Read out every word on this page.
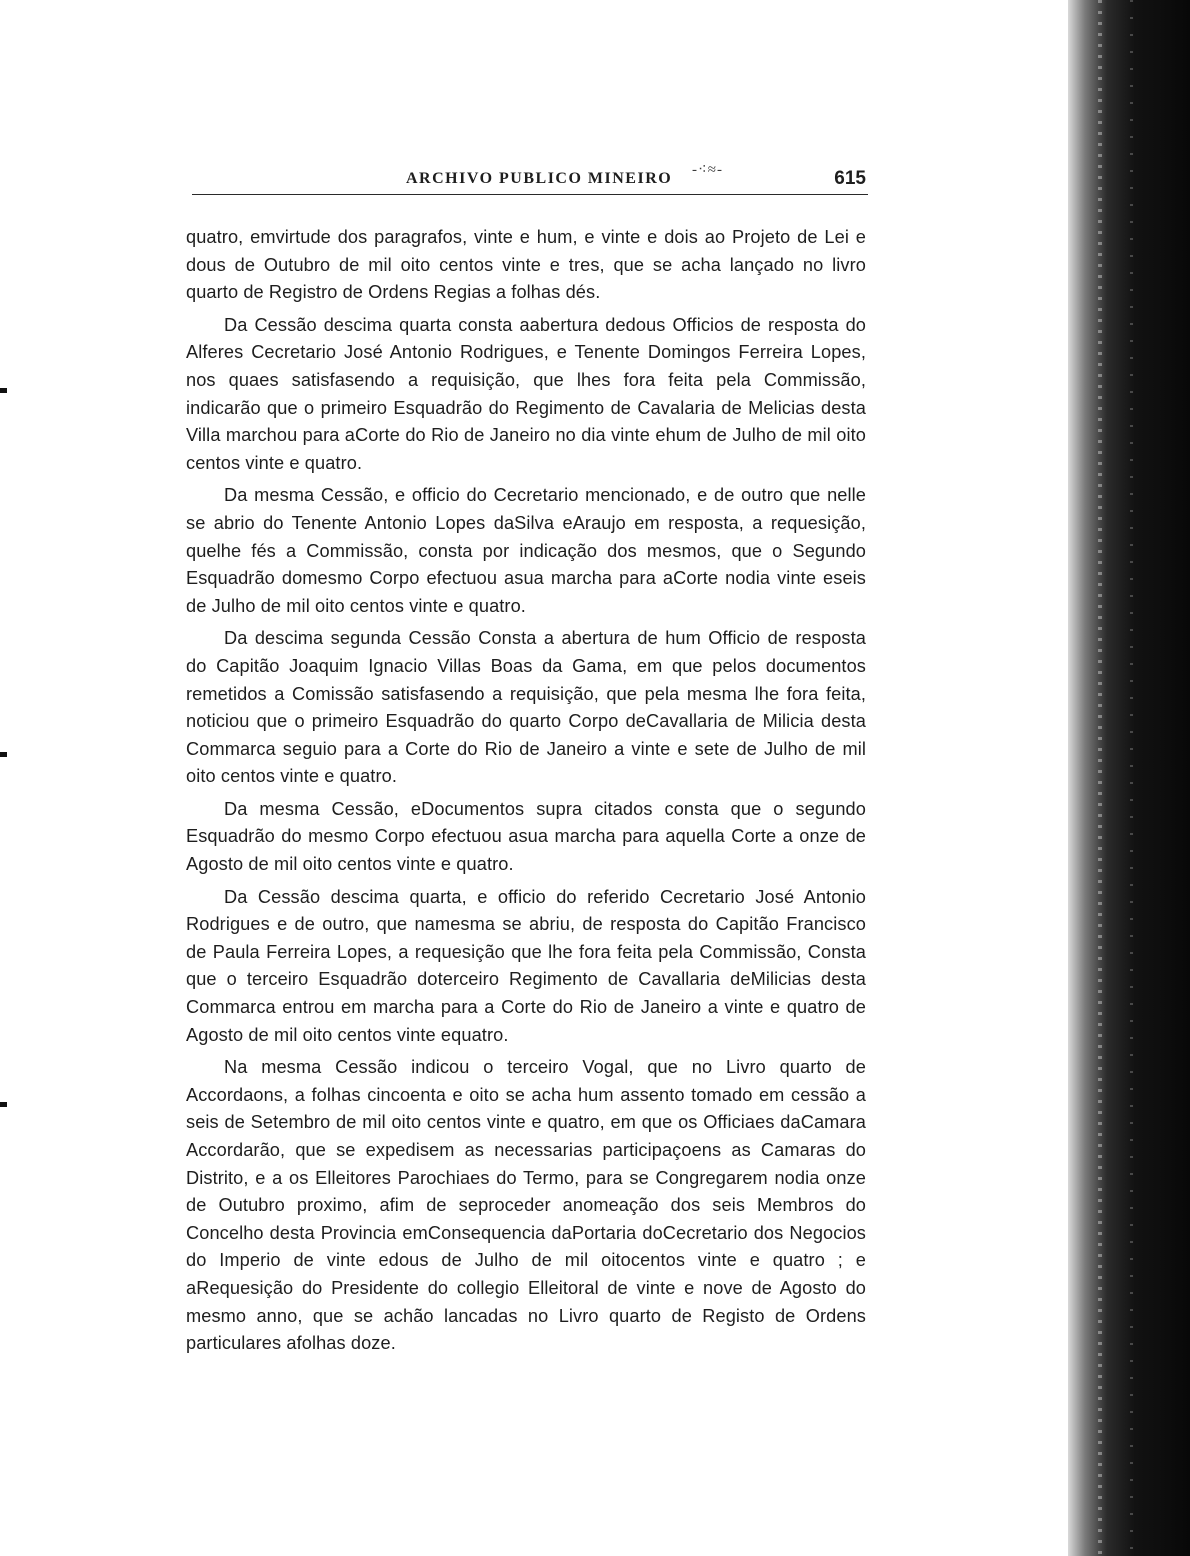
ARCHIVO PUBLICO MINEIRO -⁖≈-	615

quatro, emvirtude dos paragrafos, vinte e hum, e vinte e dois ao Projeto de Lei e dous de Outubro de mil oito centos vinte e tres, que se acha lançado no livro quarto de Registro de Ordens Regias a folhas dés.

Da Cessão descima quarta consta aabertura dedous Officios de resposta do Alferes Cecretario José Antonio Rodrigues, e Tenente Domingos Ferreira Lopes, nos quaes satisfasendo a requisição, que lhes fora feita pela Commissão, indicarão que o primeiro Esquadrão do Regimento de Cavalaria de Melicias desta Villa marchou para aCorte do Rio de Janeiro no dia vinte ehum de Julho de mil oito centos vinte e quatro.

Da mesma Cessão, e officio do Cecretario mencionado, e de outro que nelle se abrio do Tenente Antonio Lopes daSilva eAraujo em resposta, a requesição, quelhe fés a Commissão, consta por indicação dos mesmos, que o Segundo Esquadrão domesmo Corpo efectuou asua marcha para aCorte nodia vinte eseis de Julho de mil oito centos vinte e quatro.

Da descima segunda Cessão Consta a abertura de hum Officio de resposta do Capitão Joaquim Ignacio Villas Boas da Gama, em que pelos documentos remetidos a Comissão satisfasendo a requisição, que pela mesma lhe fora feita, noticiou que o primeiro Esquadrão do quarto Corpo deCavallaria de Milicia desta Commarca seguio para a Corte do Rio de Janeiro a vinte e sete de Julho de mil oito centos vinte e quatro.

Da mesma Cessão, eDocumentos supra citados consta que o segundo Esquadrão do mesmo Corpo efectuou asua marcha para aquella Corte a onze de Agosto de mil oito centos vinte e quatro.

Da Cessão descima quarta, e officio do referido Cecretario José Antonio Rodrigues e de outro, que namesma se abriu, de resposta do Capitão Francisco de Paula Ferreira Lopes, a requesição que lhe fora feita pela Commissão, Consta que o terceiro Esquadrão doterceiro Regimento de Cavallaria deMilicias desta Commarca entrou em marcha para a Corte do Rio de Janeiro a vinte e quatro de Agosto de mil oito centos vinte equatro.

Na mesma Cessão indicou o terceiro Vogal, que no Livro quarto de Accordaons, a folhas cincoenta e oito se acha hum assento tomado em cessão a seis de Setembro de mil oito centos vinte e quatro, em que os Officiaes daCamara Accordarão, que se expedisem as necessarias participaçoens as Camaras do Distrito, e a os Elleitores Parochiaes do Termo, para se Congregarem nodia onze de Outubro proximo, afim de seproceder anomeação dos seis Membros do Concelho desta Provincia emConsequencia daPortaria doCecretario dos Negocios do Imperio de vinte edous de Julho de mil oitocentos vinte e quatro ; e aRequesição do Presidente do collegio Elleitoral de vinte e nove de Agosto do mesmo anno, que se achão lancadas no Livro quarto de Registo de Ordens particulares afolhas doze.
